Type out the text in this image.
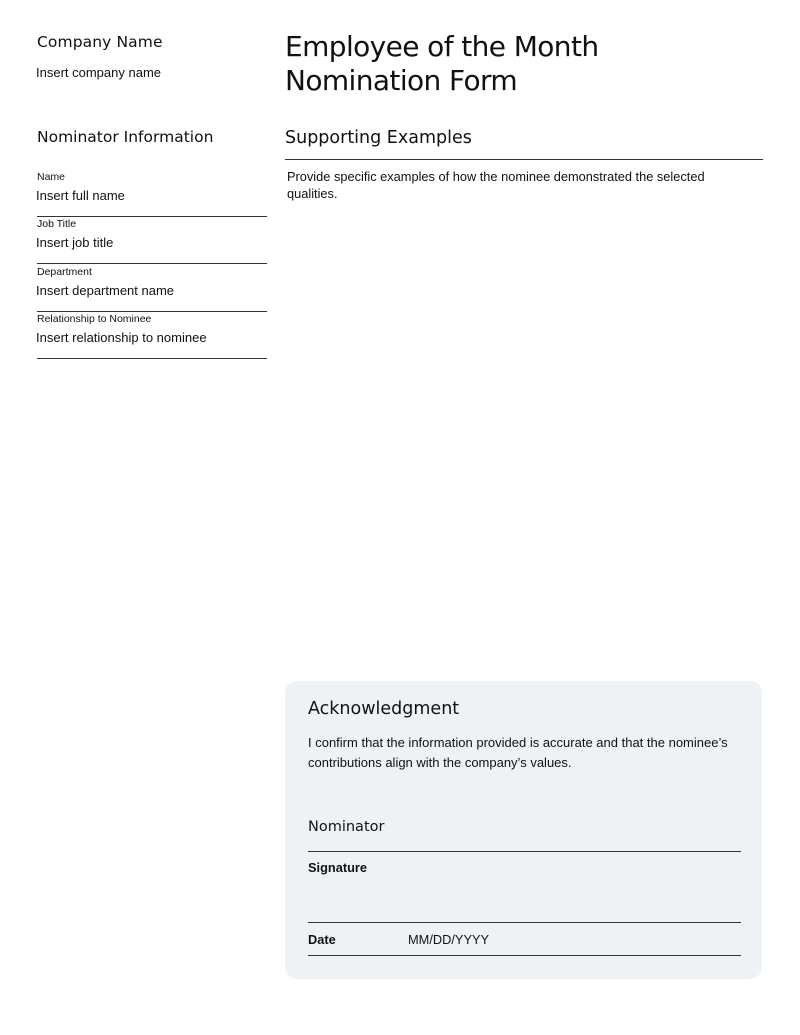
Company Name
Insert company name
Nominator Information
Name
Insert full name
Job Title
Insert job title
Department
Insert department name
Relationship to Nominee
Insert relationship to nominee
Employee of the Month
Nomination Form
Supporting Examples
Provide specific examples of how the nominee demonstrated the selected qualities.
Acknowledgment
I confirm that the information provided is accurate and that the nominee’s contributions align with the company’s values.
Nominator
Signature
Date	MM/DD/YYYY
